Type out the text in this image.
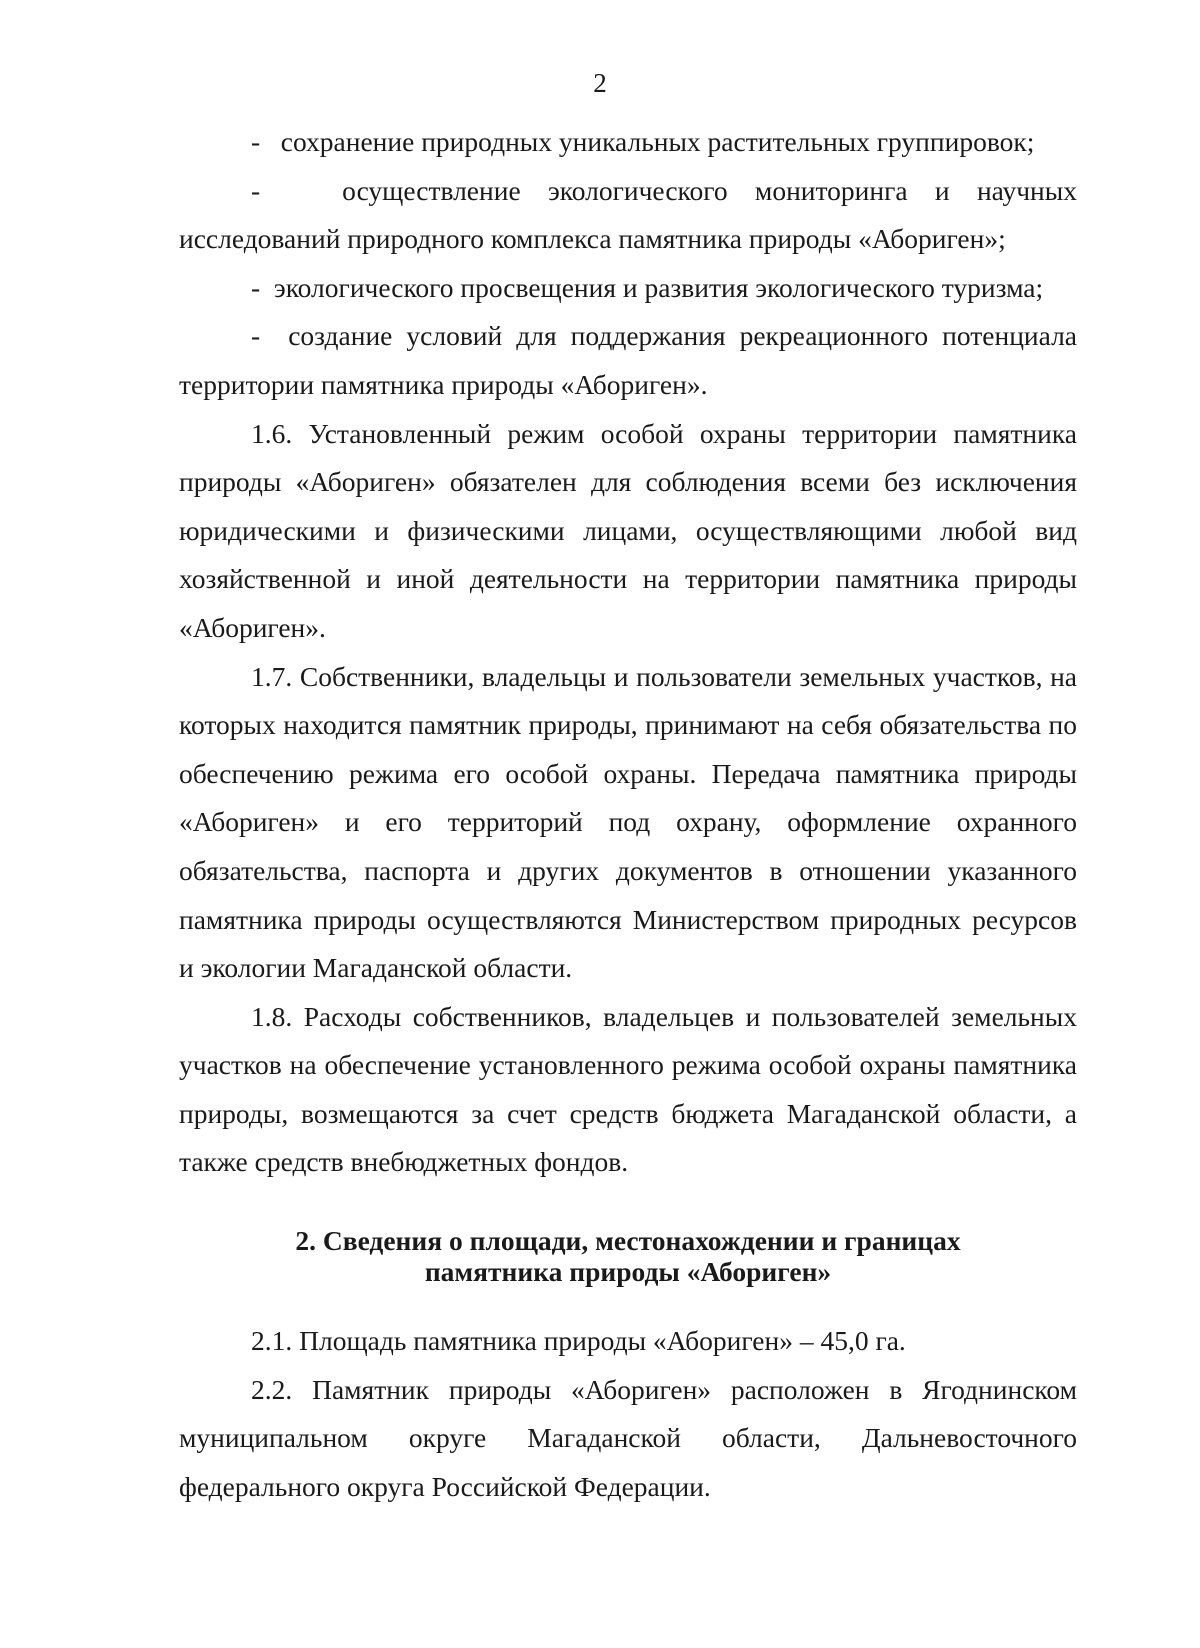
2

-   сохранение природных уникальных растительных группировок;

-   осуществление экологического мониторинга и научных исследований природного комплекса памятника природы «Абориген»;

-  экологического просвещения и развития экологического туризма;

-  создание условий для поддержания рекреационного потенциала территории памятника природы «Абориген».

1.6. Установленный режим особой охраны территории памятника природы «Абориген» обязателен для соблюдения всеми без исключения юридическими и физическими лицами, осуществляющими любой вид хозяйственной и иной деятельности на территории памятника природы «Абориген».

1.7. Собственники, владельцы и пользователи земельных участков, на которых находится памятник природы, принимают на себя обязательства по обеспечению режима его особой охраны. Передача памятника природы «Абориген» и его территорий под охрану, оформление охранного обязательства, паспорта и других документов в отношении указанного памятника природы осуществляются Министерством природных ресурсов и экологии Магаданской области.

1.8. Расходы собственников, владельцев и пользователей земельных участков на обеспечение установленного режима особой охраны памятника природы, возмещаются за счет средств бюджета Магаданской области, а также средств внебюджетных фондов.

2. Сведения о площади, местонахождении и границах
памятника природы «Абориген»

2.1. Площадь памятника природы «Абориген» – 45,0 га.

2.2. Памятник природы «Абориген» расположен в Ягоднинском муниципальном округе Магаданской области, Дальневосточного федерального округа Российской Федерации.
